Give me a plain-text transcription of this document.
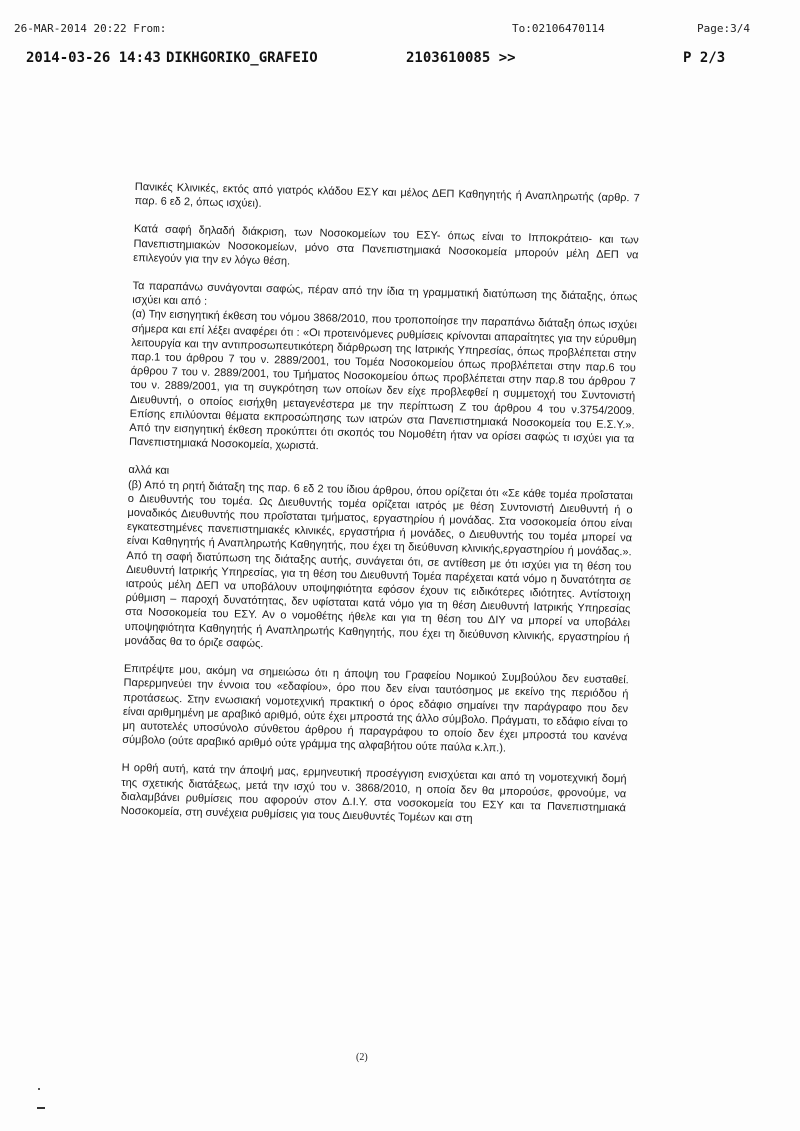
26-MAR-2014 20:22 From:	To:02106470114	Page:3/4
2014-03-26 14:43 DIKHGORIKO_GRAFEIO	2103610085 >>	P 2/3

Πανικές Κλινικές, εκτός από γιατρός κλάδου ΕΣΥ και μέλος ΔΕΠ Καθηγητής ή Αναπληρωτής (αρθρ. 7 παρ. 6 εδ 2, όπως ισχύει).

Κατά σαφή δηλαδή διάκριση, των Νοσοκομείων του ΕΣΥ- όπως είναι το Ιπποκράτειο- και των Πανεπιστημιακών Νοσοκομείων, μόνο στα Πανεπιστημιακά Νοσοκομεία μπορούν μέλη ΔΕΠ να επιλεγούν για την εν λόγω θέση.

Τα παραπάνω συνάγονται σαφώς, πέραν από την ίδια τη γραμματική διατύπωση της διάταξης, όπως ισχύει και από :

(α) Την εισηγητική έκθεση του νόμου 3868/2010, που τροποποίησε την παραπάνω διάταξη όπως ισχύει σήμερα και επί λέξει αναφέρει ότι : «Οι προτεινόμενες ρυθμίσεις κρίνονται απαραίτητες για την εύρυθμη λειτουργία και την αντιπροσωπευτικότερη διάρθρωση της Ιατρικής Υπηρεσίας, όπως προβλέπεται στην παρ.1 του άρθρου 7 του ν. 2889/2001, του Τομέα Νοσοκομείου όπως προβλέπεται στην παρ.6 του άρθρου 7 του ν. 2889/2001, του Τμήματος Νοσοκομείου όπως προβλέπεται στην παρ.8 του άρθρου 7 του ν. 2889/2001, για τη συγκρότηση των οποίων δεν είχε προβλεφθεί η συμμετοχή του Συντονιστή Διευθυντή, ο οποίος εισήχθη μεταγενέστερα με την περίπτωση Ζ του άρθρου 4 του ν.3754/2009. Επίσης επιλύονται θέματα εκπροσώπησης των ιατρών στα Πανεπιστημιακά Νοσοκομεία του Ε.Σ.Υ.». Από την εισηγητική έκθεση προκύπτει ότι σκοπός του Νομοθέτη ήταν να ορίσει σαφώς τι ισχύει για τα Πανεπιστημιακά Νοσοκομεία, χωριστά.

αλλά και

(β) Από τη ρητή διάταξη της παρ. 6 εδ 2 του ίδιου άρθρου, όπου ορίζεται ότι «Σε κάθε τομέα προΐσταται ο Διευθυντής του τομέα. Ως Διευθυντής τομέα ορίζεται ιατρός με θέση Συντονιστή Διευθυντή ή ο μοναδικός Διευθυντής που προΐσταται τμήματος, εργαστηρίου ή μονάδας. Στα νοσοκομεία όπου είναι εγκατεστημένες πανεπιστημιακές κλινικές, εργαστήρια ή μονάδες, ο Διευθυντής του τομέα μπορεί να είναι Καθηγητής ή Αναπληρωτής Καθηγητής, που έχει τη διεύθυνση κλινικής,εργαστηρίου ή μονάδας.». Από τη σαφή διατύπωση της διάταξης αυτής, συνάγεται ότι, σε αντίθεση με ότι ισχύει για τη θέση του Διευθυντή Ιατρικής Υπηρεσίας, για τη θέση του Διευθυντή Τομέα παρέχεται κατά νόμο η δυνατότητα σε ιατρούς μέλη ΔΕΠ να υποβάλουν υποψηφιότητα εφόσον έχουν τις ειδικότερες ιδιότητες. Αντίστοιχη ρύθμιση – παροχή δυνατότητας, δεν υφίσταται κατά νόμο για τη θέση Διευθυντή Ιατρικής Υπηρεσίας στα Νοσοκομεία του ΕΣΥ. Αν ο νομοθέτης ήθελε και για τη θέση του ΔΙΥ να μπορεί να υποβάλει υποψηφιότητα Καθηγητής ή Αναπληρωτής Καθηγητής, που έχει τη διεύθυνση κλινικής, εργαστηρίου ή μονάδας θα το όριζε σαφώς.

Επιτρέψτε μου, ακόμη να σημειώσω ότι η άποψη του Γραφείου Νομικού Συμβούλου δεν ευσταθεί. Παρερμηνεύει την έννοια του «εδαφίου», όρο που δεν είναι ταυτόσημος με εκείνο της περιόδου ή προτάσεως. Στην ενωσιακή νομοτεχνική πρακτική ο όρος εδάφιο σημαίνει την παράγραφο που δεν είναι αριθμημένη με αραβικό αριθμό, ούτε έχει μπροστά της άλλο σύμβολο. Πράγματι, το εδάφιο είναι το μη αυτοτελές υποσύνολο σύνθετου άρθρου ή παραγράφου το οποίο δεν έχει μπροστά του κανένα σύμβολο (ούτε αραβικό αριθμό ούτε γράμμα της αλφαβήτου ούτε παύλα κ.λπ.).

Η ορθή αυτή, κατά την άποψή μας, ερμηνευτική προσέγγιση ενισχύεται και από τη νομοτεχνική δομή της σχετικής διατάξεως, μετά την ισχύ του ν. 3868/2010, η οποία δεν θα μπορούσε, φρονούμε, να διαλαμβάνει ρυθμίσεις που αφορούν στον Δ.Ι.Υ. στα νοσοκομεία του ΕΣΥ και τα Πανεπιστημιακά Νοσοκομεία, στη συνέχεια ρυθμίσεις για τους Διευθυντές Τομέων και στη

(2)
